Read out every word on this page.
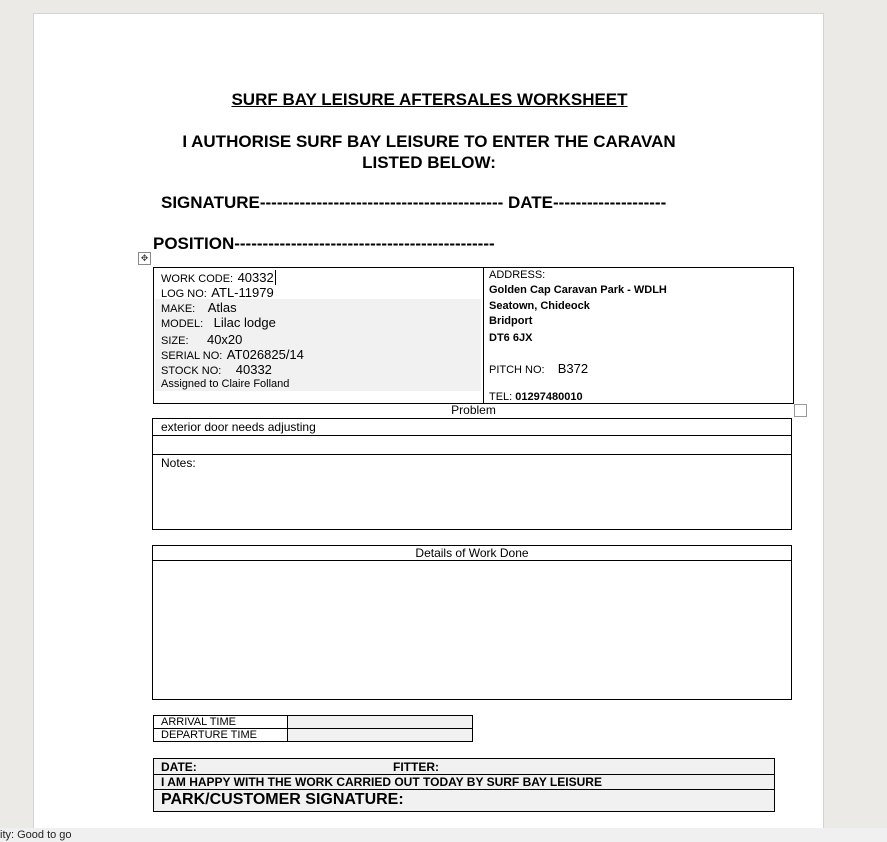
SURF BAY LEISURE AFTERSALES WORKSHEET
I AUTHORISE SURF BAY LEISURE TO ENTER THE CARAVAN LISTED BELOW:
SIGNATURE------------------------------------------- DATE--------------------
POSITION----------------------------------------------
✥
WORK CODE: 40332
LOG NO: ATL-11979
MAKE: Atlas
MODEL: Lilac lodge
SIZE: 40x20
SERIAL NO: AT026825/14
STOCK NO: 40332
Assigned to Claire Folland
ADDRESS:
Golden Cap Caravan Park - WDLH
Seatown, Chideock
Bridport
DT6 6JX
PITCH NO: B372
TEL: 01297480010
Problem
exterior door needs adjusting
Notes:
Details of Work Done
ARRIVAL TIME	
DEPARTURE TIME	
DATE:	FITTER:
I AM HAPPY WITH THE WORK CARRIED OUT TODAY BY SURF BAY LEISURE
PARK/CUSTOMER SIGNATURE:
ity: Good to go
